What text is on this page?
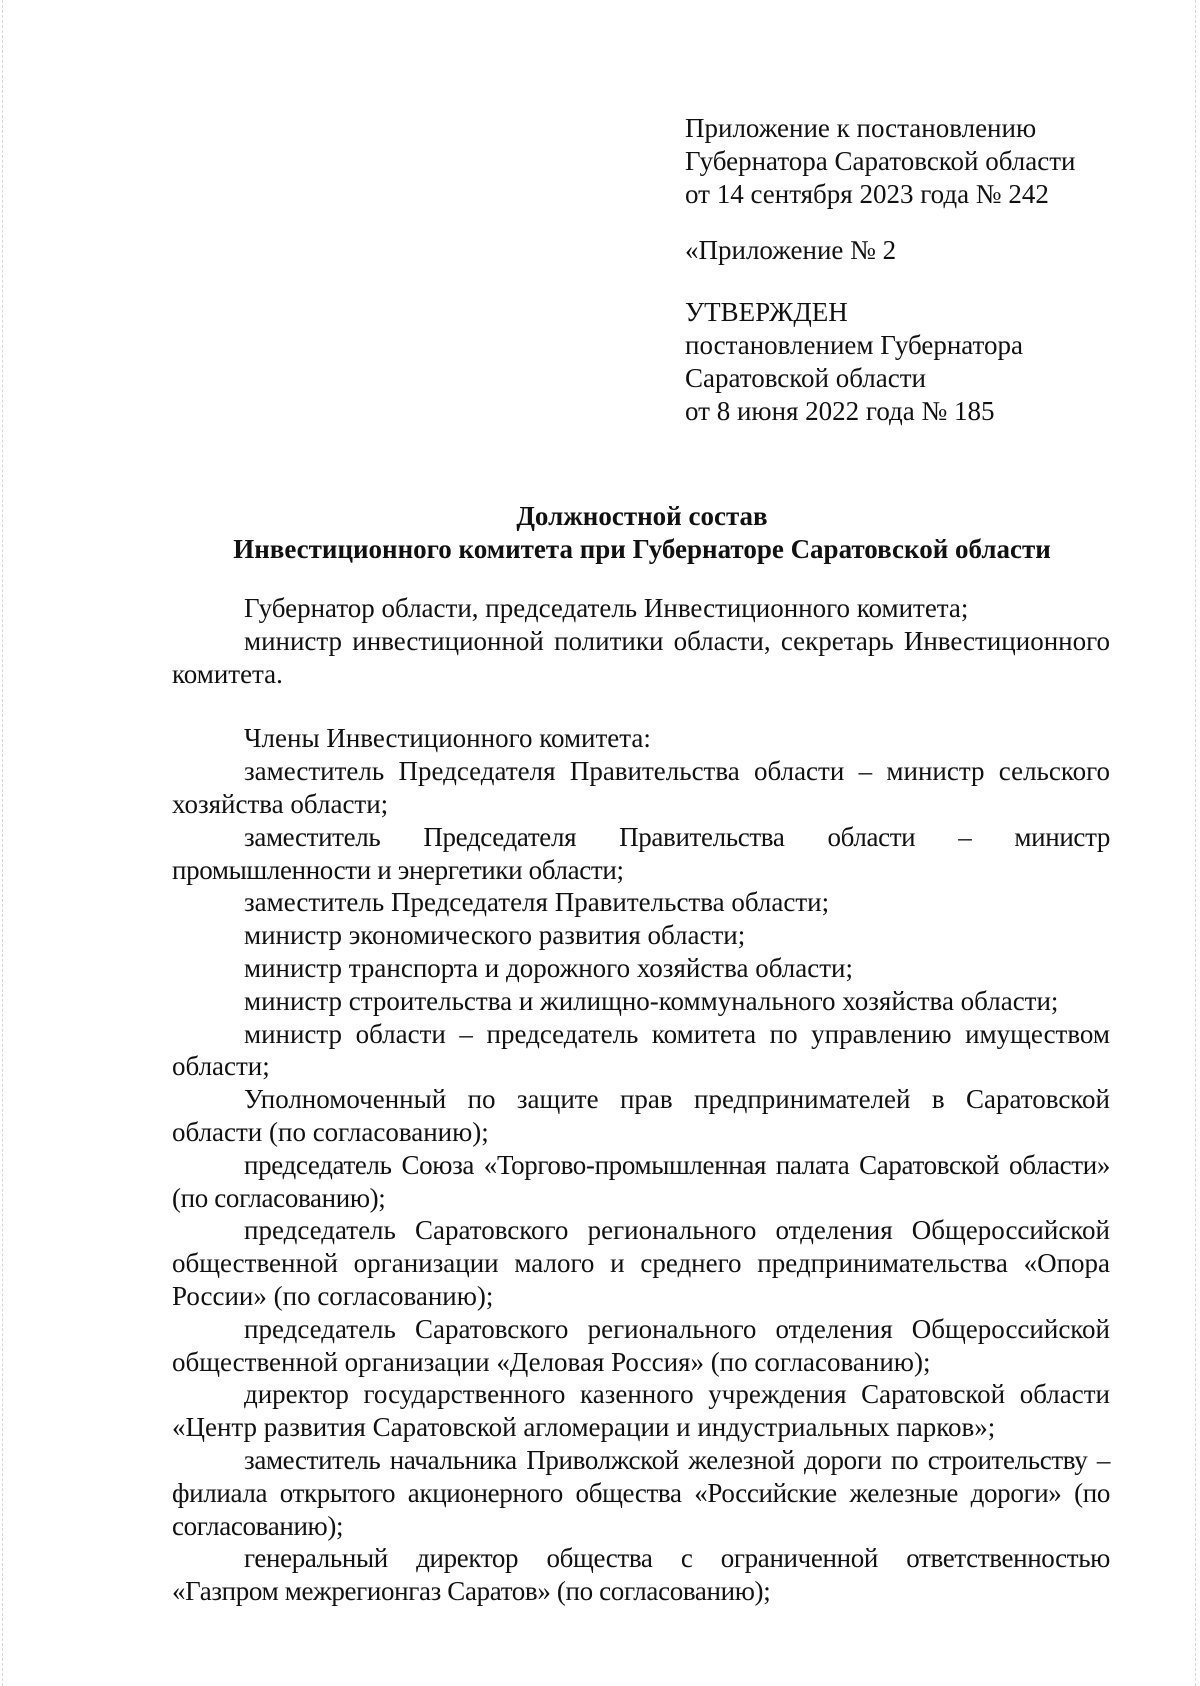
Приложение к постановлению
Губернатора Саратовской области
от 14 сентября 2023 года № 242
«Приложение № 2
УТВЕРЖДЕН
постановлением Губернатора
Саратовской области
от 8 июня 2022 года № 185
Должностной состав
Инвестиционного комитета при Губернаторе Саратовской области

Губернатор области, председатель Инвестиционного комитета;

министр инвестиционной политики области, секретарь Инвестиционного комитета.

Члены Инвестиционного комитета:

заместитель Председателя Правительства области – министр сельского хозяйства области;

заместитель Председателя Правительства области – министр промышленности и энергетики области;

заместитель Председателя Правительства области;

министр экономического развития области;

министр транспорта и дорожного хозяйства области;

министр строительства и жилищно-коммунального хозяйства области;

министр области – председатель комитета по управлению имуществом области;

Уполномоченный по защите прав предпринимателей в Саратовской области (по согласованию);

председатель Союза «Торгово-промышленная палата Саратовской области» (по согласованию);

председатель Саратовского регионального отделения Общероссийской общественной организации малого и среднего предпринимательства «Опора России» (по согласованию);

председатель Саратовского регионального отделения Общероссийской общественной организации «Деловая Россия» (по согласованию);

директор государственного казенного учреждения Саратовской области «Центр развития Саратовской агломерации и индустриальных парков»;

заместитель начальника Приволжской железной дороги по строительству – филиала открытого акционерного общества «Российские железные дороги» (по согласованию);

генеральный директор общества с ограниченной ответственностью «Газпром межрегионгаз Саратов» (по согласованию);
